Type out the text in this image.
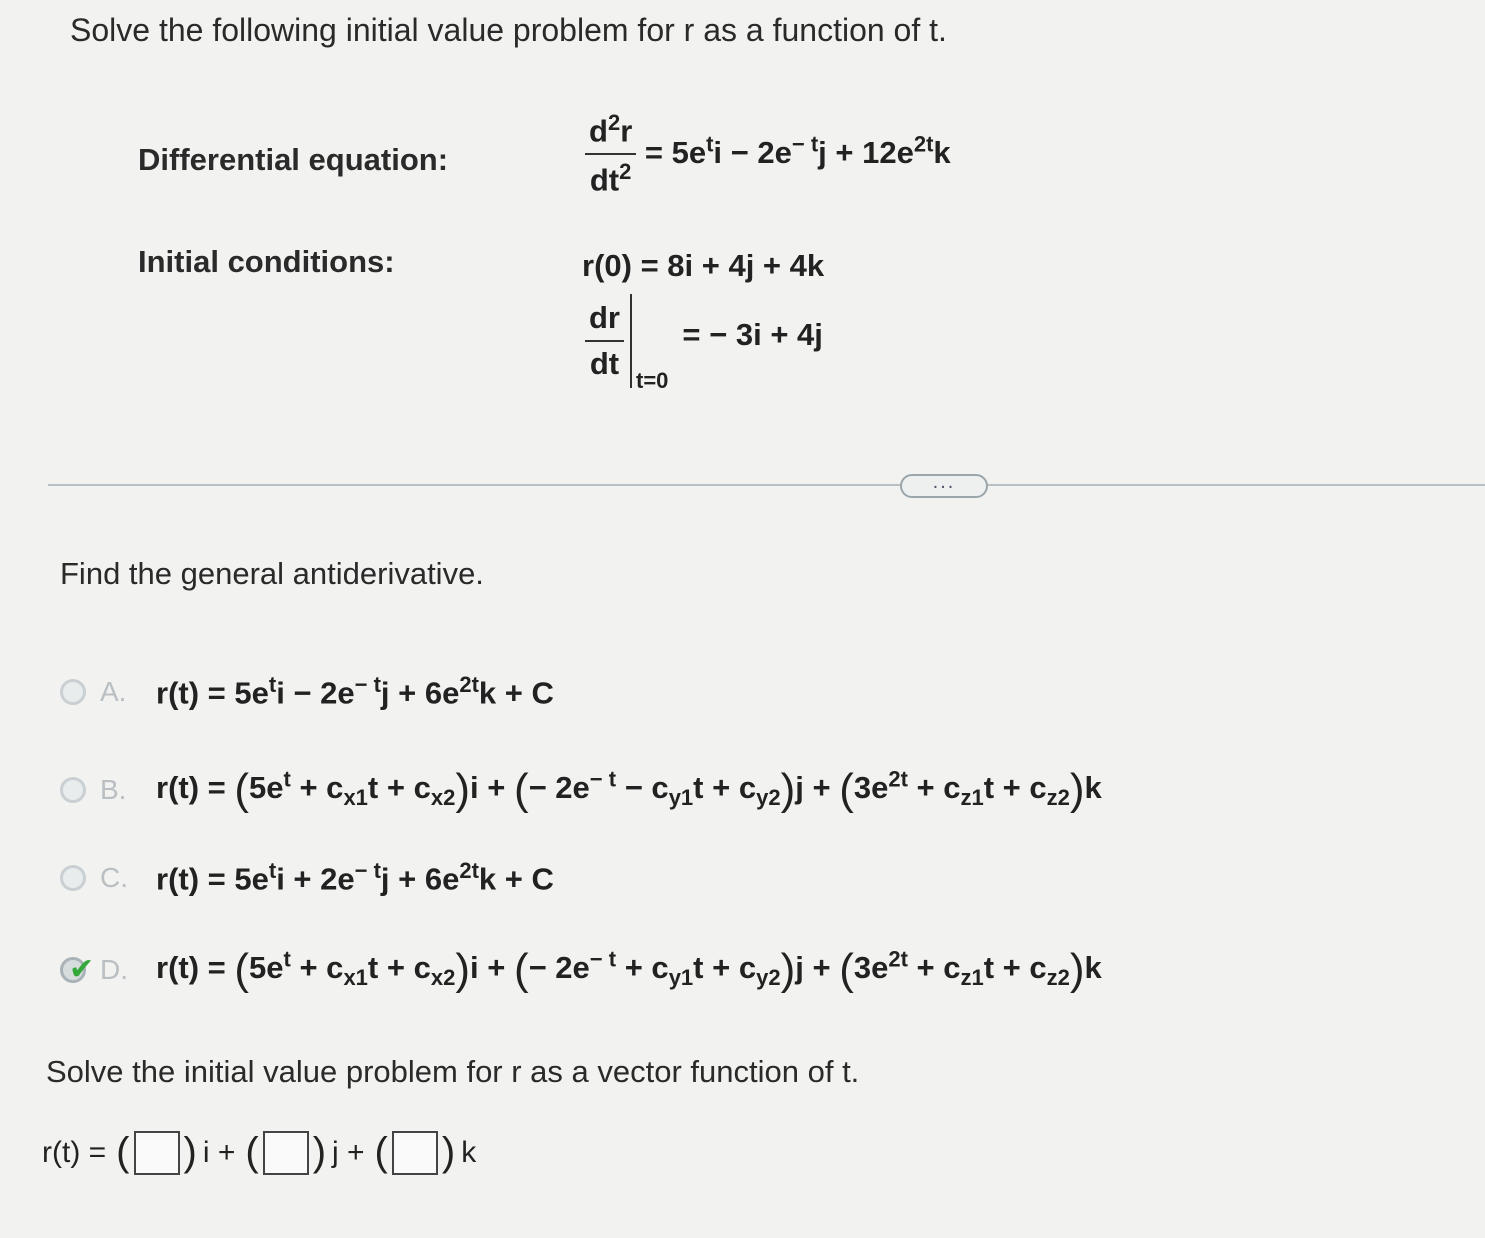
Solve the following initial value problem for r as a function of t.
Differential equation:	$\frac{d^2r}{dt^2} = 5e^ti - 2e^{- t}j + 12e^{2t}k$
Initial conditions:	r(0) = 8i + 4j + 4k
$\frac{dr}{dt} t=0$
= − 3i + 4j
...
Find the general antiderivative.
A. $r(t) = 5e^ti - 2e^{- t}j + 6e^{2t}k + C$
B. $r(t) = (5e^t + c_{x1}t + c_{x2})i$ + (− $2e^{- t} - c_{y1}t + c_{y2})j + (3e^{2t} + c_{z1}t + c_{z2})k$
C. $r(t) = 5e^ti + 2e^{- t}j + 6e^{2t}k + C$
✔ D. $r(t) = (5e^t + c_{x1}t + c_{x2})i$ + (− $2e^{- t} + c_{y1}t + c_{y2})j + (3e^{2t} + c_{z1}t + c_{z2})k$
Solve the initial value problem for r as a vector function of t.
r(t) = ( ) i + ( ) j + ( ) k
